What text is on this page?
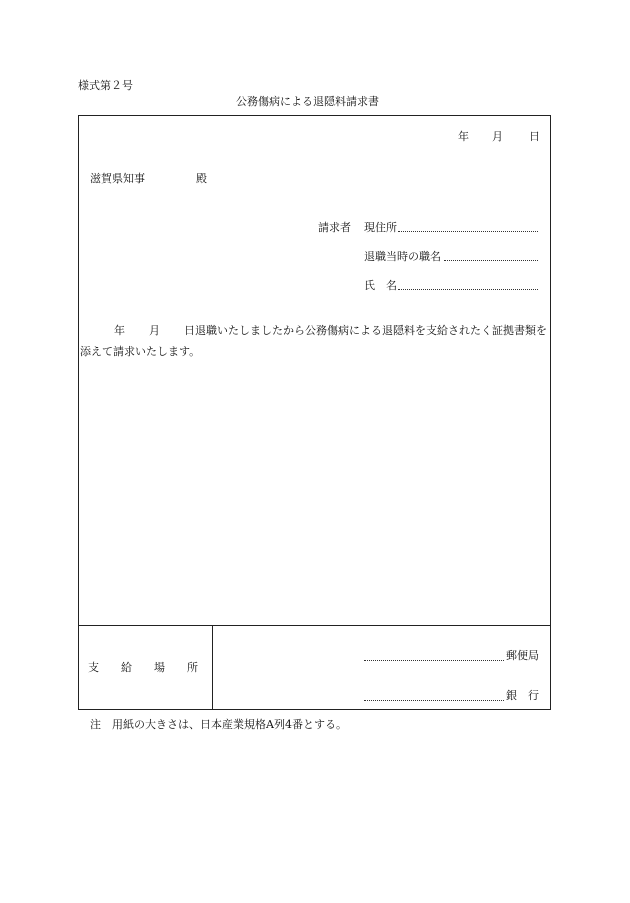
様式第２号
公務傷病による退隠料請求書
年 月 日
滋賀県知事	殿
請求者 現住所
退職当時の職名
氏　名
年 月 日退職いたしましたから公務傷病による退隠料を支給されたく証拠書類を添えて請求いたします。
支　　給　　場　　所
郵便局
銀　行
注　用紙の大きさは、日本産業規格A列4番とする。
